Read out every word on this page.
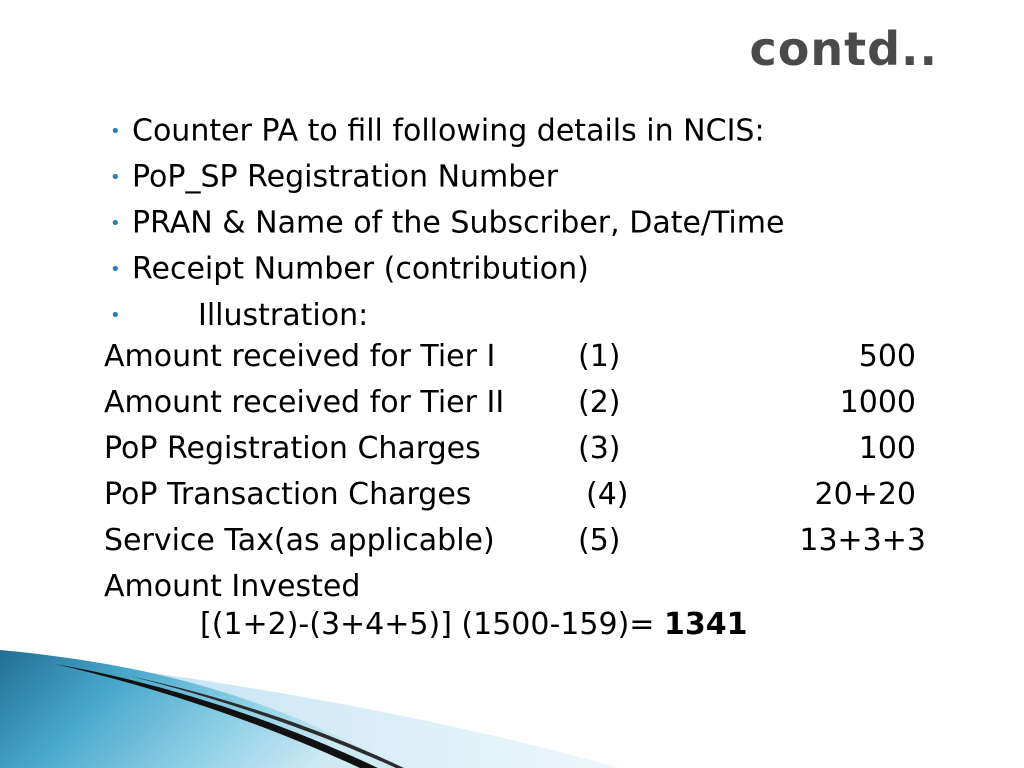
contd..
•Counter PA to fill following details in NCIS:
•PoP_SP Registration Number
•PRAN & Name of the Subscriber, Date/Time
•Receipt Number (contribution)
•Illustration:
Amount received for Tier I	(1)	500
Amount received for Tier II (2)	1000
PoP Registration Charges	(3)	100
PoP Transaction Charges	(4)	20+20
Service Tax(as applicable)	(5)	13+3+3
Amount Invested
[(1+2)-(3+4+5)] (1500-159)= 1341
